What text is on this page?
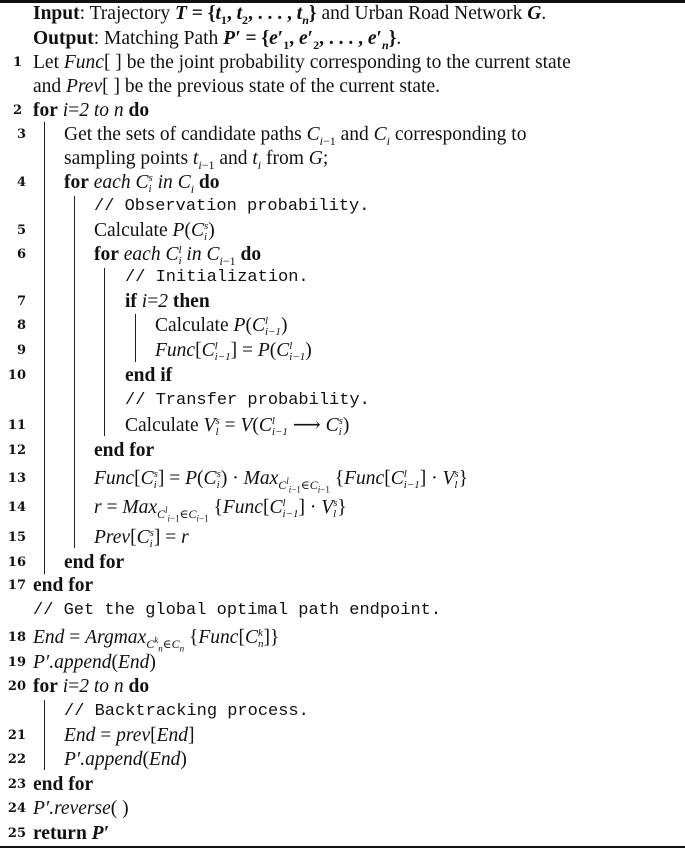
Input: Trajectory $T = \{t_1$, $t_2$, . . . , $t_n$} and Urban Road Network G.
Output: Matching Path $P' = \{e'_1$, $e'_2$, . . . , $e'_n$}.
1 Let Func[ ] be the joint probability corresponding to the current state
and Prev[ ] be the previous state of the current state.
2 for i=2 to n do
3 Get the sets of candidate paths $C_{i-1}$ and $C_i$ corresponding to
sampling points $t_{i-1}$ and $t_i$ from G;
4 for each C s
i in $C_i$ do
// Observation probability.
5	Calculate P(C s
i )
6	for each C l
i in $C_{i-1}$ do
// Initialization.
7	if i=2 then
8	Calculate P(C l
i−1 )
9	Func[C l
i−1 ] = P(C l
i−1 )
10	end if
// Transfer probability.
11	Calculate V s
l = V(C l
i−1 ⟶ C s
i )
12	end for
13	Func[C s
i ] = P(C s
i ) · Max$_{C^l_{i-1}\in C_{i-1}}$ {Func[C l
i−1 ] · V s
l }
14	r = Max$_{C^l_{i-1}\in C_{i-1}}$ {Func[C l
i−1 ] · V s
l }
15	Prev[C s
i ] = r
16 end for
17 end for
// Get the global optimal path endpoint.
18 End = Argmax$_{C^k_n\in C_n}$ {Func[C k
n ]}
19 P′.append(End)
20 for i=2 to n do
// Backtracking process.
21 End = prev[End]
22 P′.append(End)
23 end for
24 P′.reverse( )
25 return P′
